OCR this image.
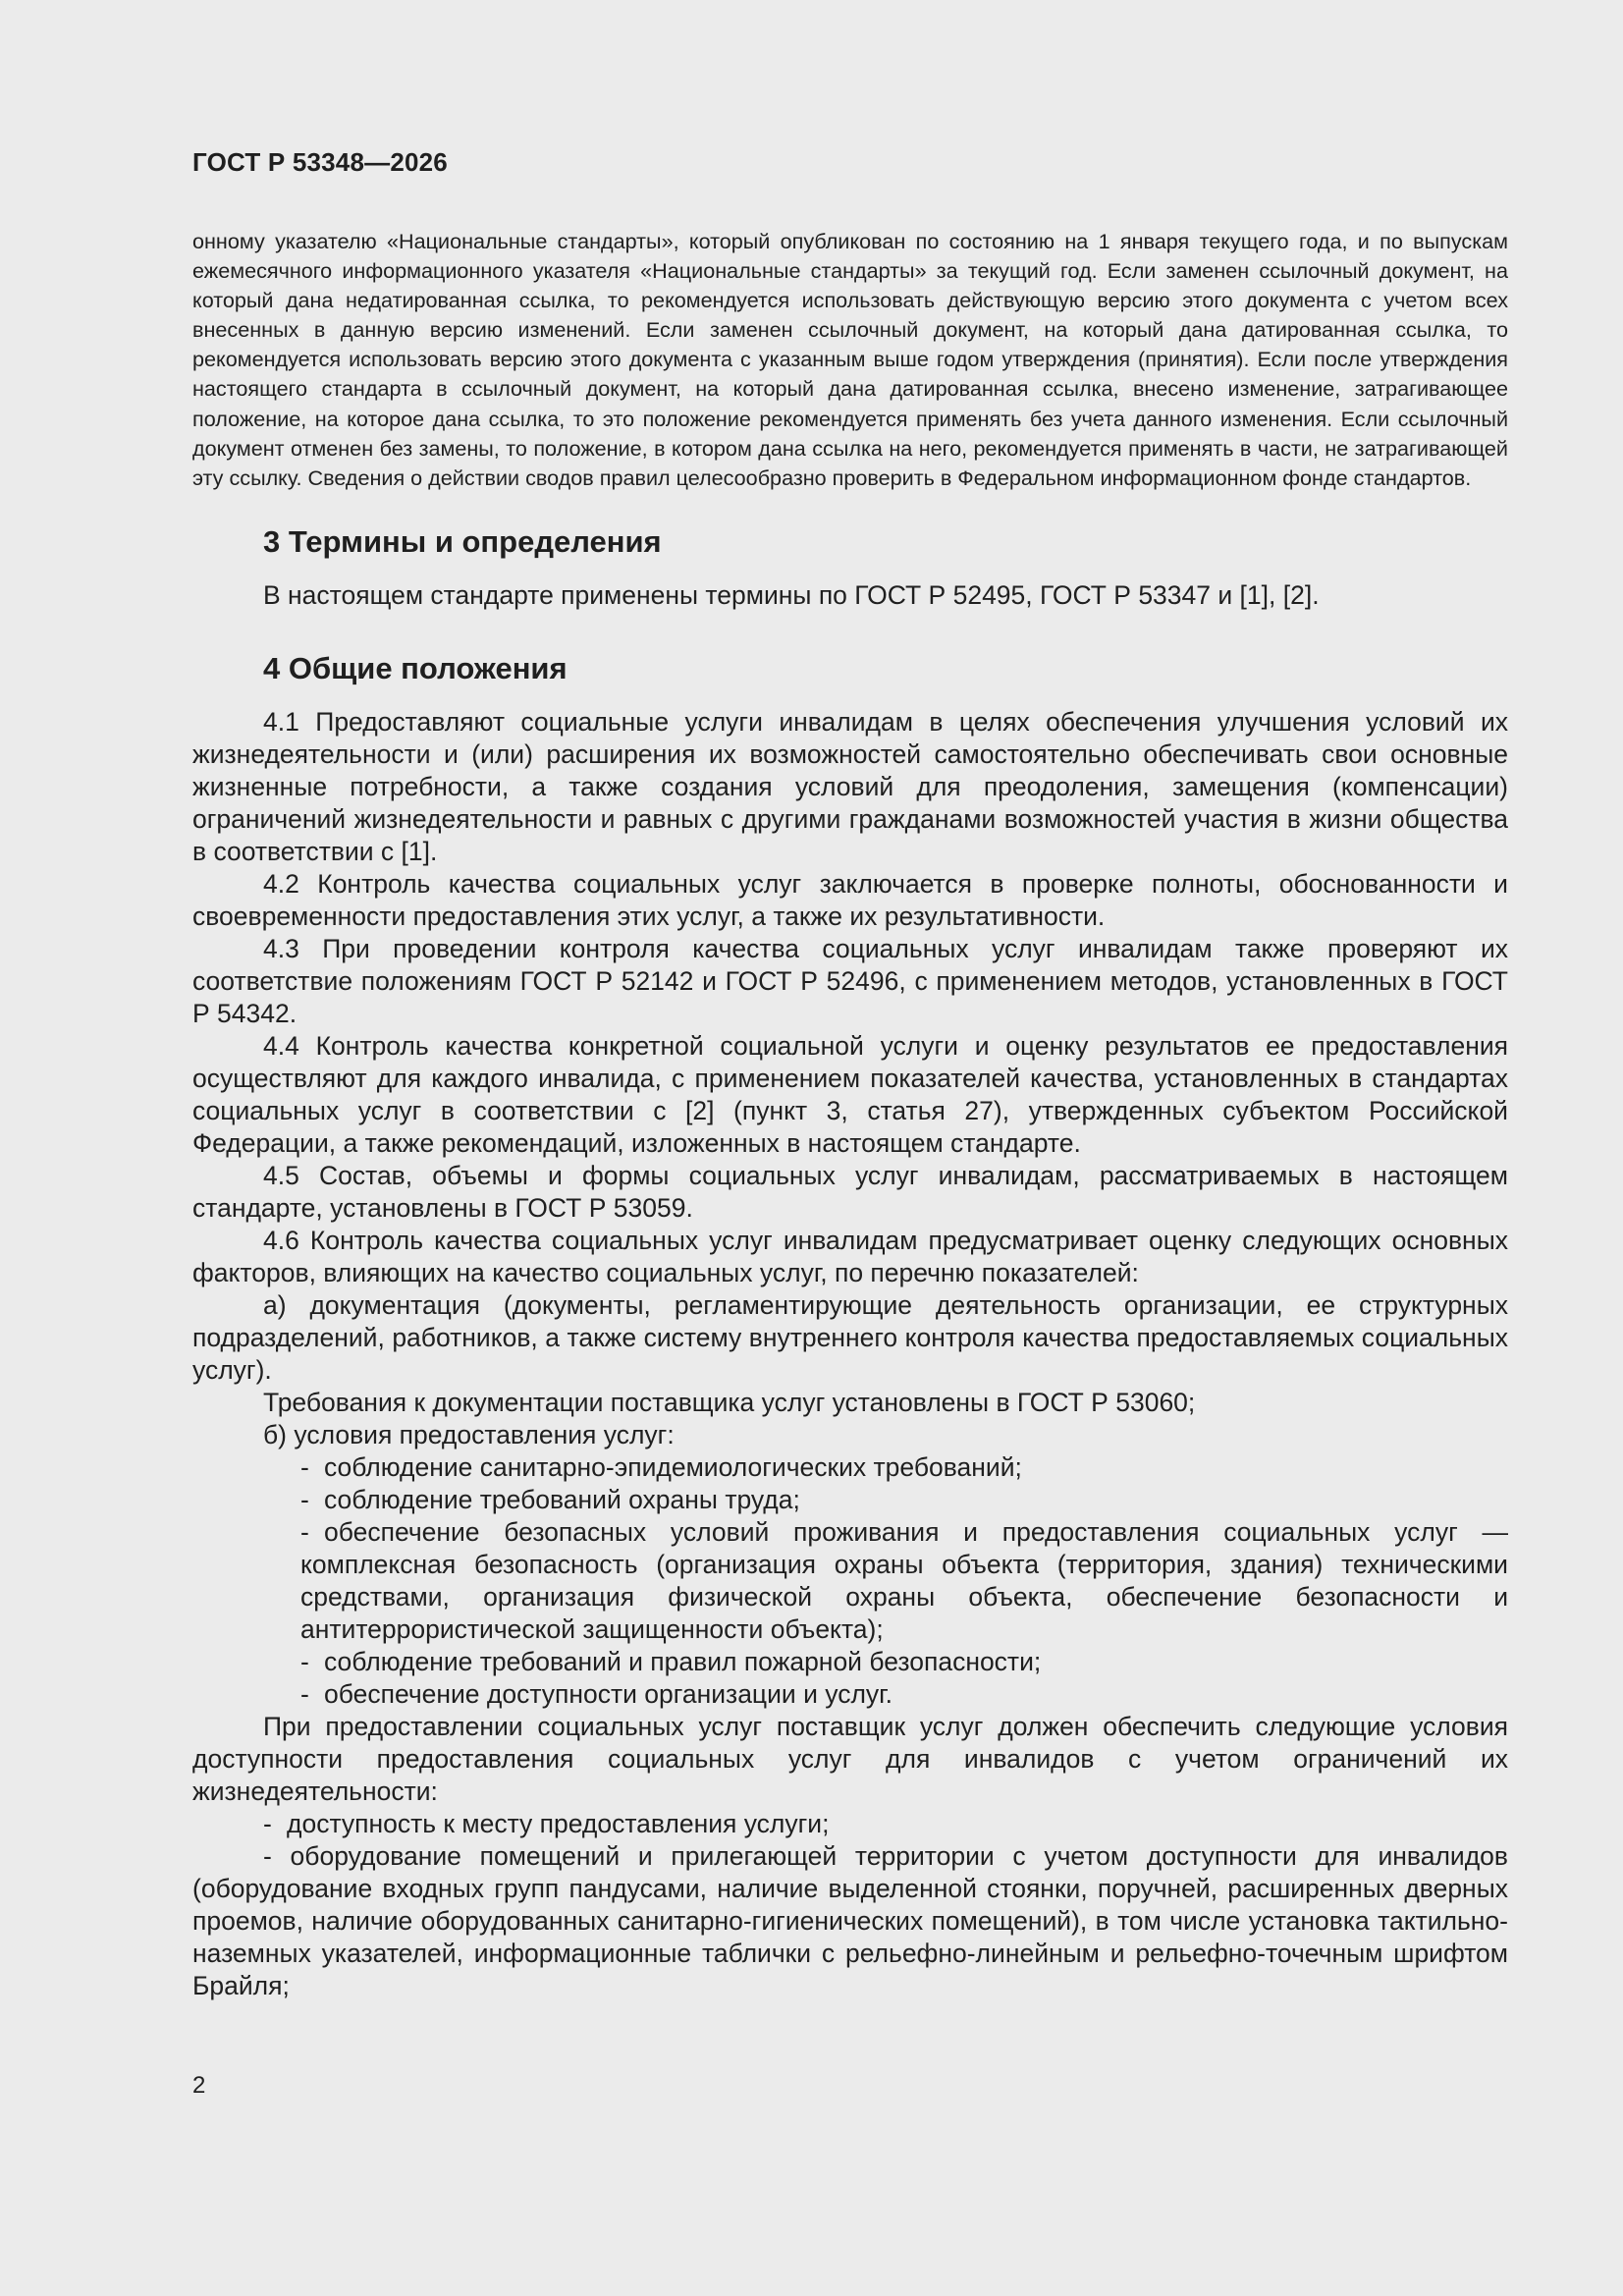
ГОСТ Р 53348—2026

онному указателю «Национальные стандарты», который опубликован по состоянию на 1 января текущего года, и по выпускам ежемесячного информационного указателя «Национальные стандарты» за текущий год. Если заменен ссылочный документ, на который дана недатированная ссылка, то рекомендуется использовать действующую версию этого документа с учетом всех внесенных в данную версию изменений. Если заменен ссылочный документ, на который дана датированная ссылка, то рекомендуется использовать версию этого документа с указанным выше годом утверждения (принятия). Если после утверждения настоящего стандарта в ссылочный документ, на который дана датированная ссылка, внесено изменение, затрагивающее положение, на которое дана ссылка, то это положение рекомендуется применять без учета данного изменения. Если ссылочный документ отменен без замены, то положение, в котором дана ссылка на него, рекомендуется применять в части, не затрагивающей эту ссылку. Сведения о действии сводов правил целесообразно проверить в Федеральном информационном фонде стандартов.

3 Термины и определения

В настоящем стандарте применены термины по ГОСТ Р 52495, ГОСТ Р 53347 и [1], [2].

4 Общие положения

4.1 Предоставляют социальные услуги инвалидам в целях обеспечения улучшения условий их жизнедеятельности и (или) расширения их возможностей самостоятельно обеспечивать свои основные жизненные потребности, а также создания условий для преодоления, замещения (компенсации) ограничений жизнедеятельности и равных с другими гражданами возможностей участия в жизни общества в соответствии с [1].

4.2 Контроль качества социальных услуг заключается в проверке полноты, обоснованности и своевременности предоставления этих услуг, а также их результативности.

4.3 При проведении контроля качества социальных услуг инвалидам также проверяют их соответствие положениям ГОСТ Р 52142 и ГОСТ Р 52496, с применением методов, установленных в ГОСТ Р 54342.

4.4 Контроль качества конкретной социальной услуги и оценку результатов ее предоставления осуществляют для каждого инвалида, с применением показателей качества, установленных в стандартах социальных услуг в соответствии с [2] (пункт 3, статья 27), утвержденных субъектом Российской Федерации, а также рекомендаций, изложенных в настоящем стандарте.

4.5 Состав, объемы и формы социальных услуг инвалидам, рассматриваемых в настоящем стандарте, установлены в ГОСТ Р 53059.

4.6 Контроль качества социальных услуг инвалидам предусматривает оценку следующих основных факторов, влияющих на качество социальных услуг, по перечню показателей:

а) документация (документы, регламентирующие деятельность организации, ее структурных подразделений, работников, а также систему внутреннего контроля качества предоставляемых социальных услуг).

Требования к документации поставщика услуг установлены в ГОСТ Р 53060;

б) условия предоставления услуг:

- соблюдение санитарно-эпидемиологических требований;

- соблюдение требований охраны труда;

- обеспечение безопасных условий проживания и предоставления социальных услуг — комплексная безопасность (организация охраны объекта (территория, здания) техническими средствами, организация физической охраны объекта, обеспечение безопасности и антитеррористической защищенности объекта);

- соблюдение требований и правил пожарной безопасности;

- обеспечение доступности организации и услуг.

При предоставлении социальных услуг поставщик услуг должен обеспечить следующие условия доступности предоставления социальных услуг для инвалидов с учетом ограничений их жизнедеятельности:

- доступность к месту предоставления услуги;

- оборудование помещений и прилегающей территории с учетом доступности для инвалидов (оборудование входных групп пандусами, наличие выделенной стоянки, поручней, расширенных дверных проемов, наличие оборудованных санитарно-гигиенических помещений), в том числе установка тактильно-наземных указателей, информационные таблички с рельефно-линейным и рельефно-точечным шрифтом Брайля;

2
